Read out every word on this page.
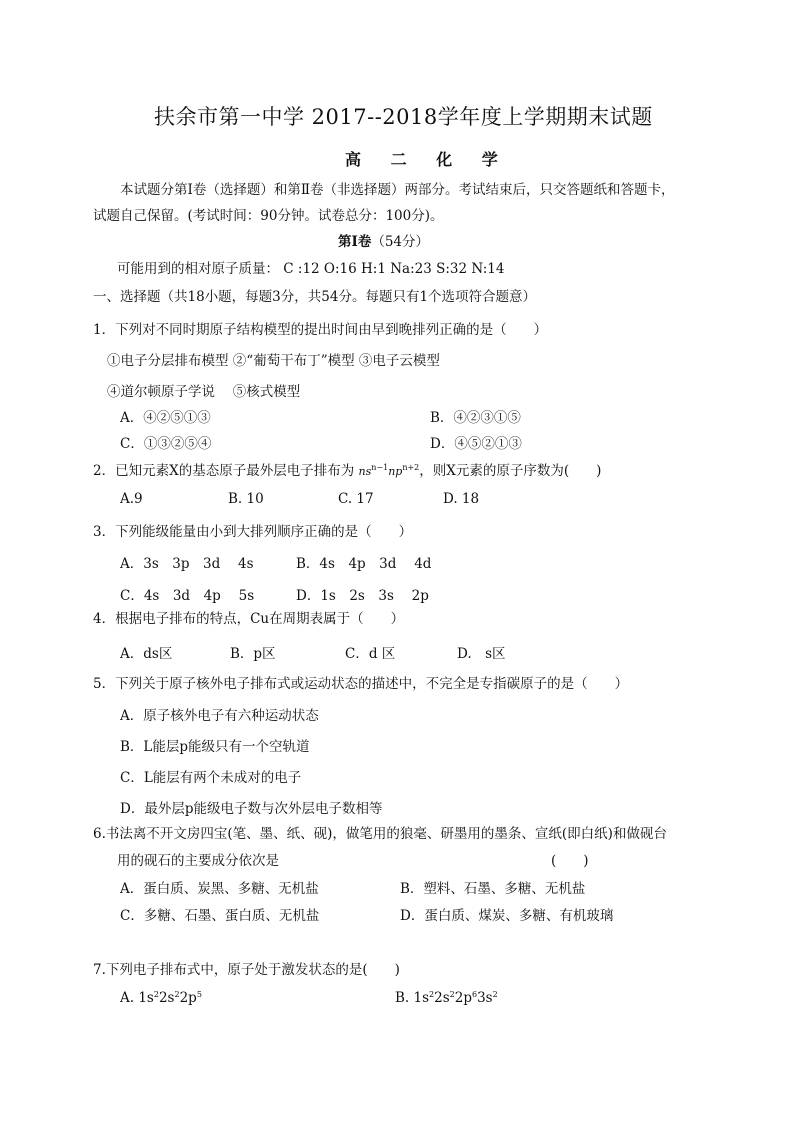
扶余市第一中学 2017--2018学年度上学期期末试题
高 二 化 学
本试题分第Ⅰ卷（选择题）和第Ⅱ卷（非选择题）两部分。考试结束后，只交答题纸和答题卡，
试题自己保留。(考试时间：90分钟。试卷总分：100分)。
第Ⅰ卷（54分）
可能用到的相对原子质量： C :12 O:16 H:1 Na:23 S:32 N:14
一、选择题（共18小题，每题3分，共54分。每题只有1个选项符合题意）
1．下列对不同时期原子结构模型的提出时间由早到晚排列正确的是（　　）
①电子分层排布模型 ②“葡萄干布丁”模型 ③电子云模型
④道尔顿原子学说　 ⑤核式模型
A．④②⑤①③	B．④②③①⑤
C．①③②⑤④	D．④⑤②①③
2．已知元素X的基态原子最外层电子排布为 $ns^{n-1}np^{n+2}$，则X元素的原子序数为(　　)
A.9	B. 10	C. 17	D. 18
3．下列能级能量由小到大排列顺序正确的是（　　）
A．3s　3p　3d　 4s	B．4s　4p　3d　 4d
C．4s　3d　4p　 5s	D．1s　2s　3s　 2p
4．根据电子排布的特点，Cu在周期表属于（　　）
A．ds区	B．p区	C．d 区	D.　s区
5．下列关于原子核外电子排布式或运动状态的描述中，不完全是专指碳原子的是（　　）
A．原子核外电子有六种运动状态
B．L能层p能级只有一个空轨道
C．L能层有两个未成对的电子
D．最外层p能级电子数与次外层电子数相等
6.书法离不开文房四宝(笔、墨、纸、砚)，做笔用的狼毫、研墨用的墨条、宣纸(即白纸)和做砚台
用的砚石的主要成分依次是	(　　)
A．蛋白质、炭黑、多糖、无机盐	B．塑料、石墨、多糖、无机盐
C．多糖、石墨、蛋白质、无机盐	D．蛋白质、煤炭、多糖、有机玻璃
7.下列电子排布式中，原子处于激发状态的是(　　)
A. $1s^22s^22p^5$	B. $1s^22s^22p^63s^2$
